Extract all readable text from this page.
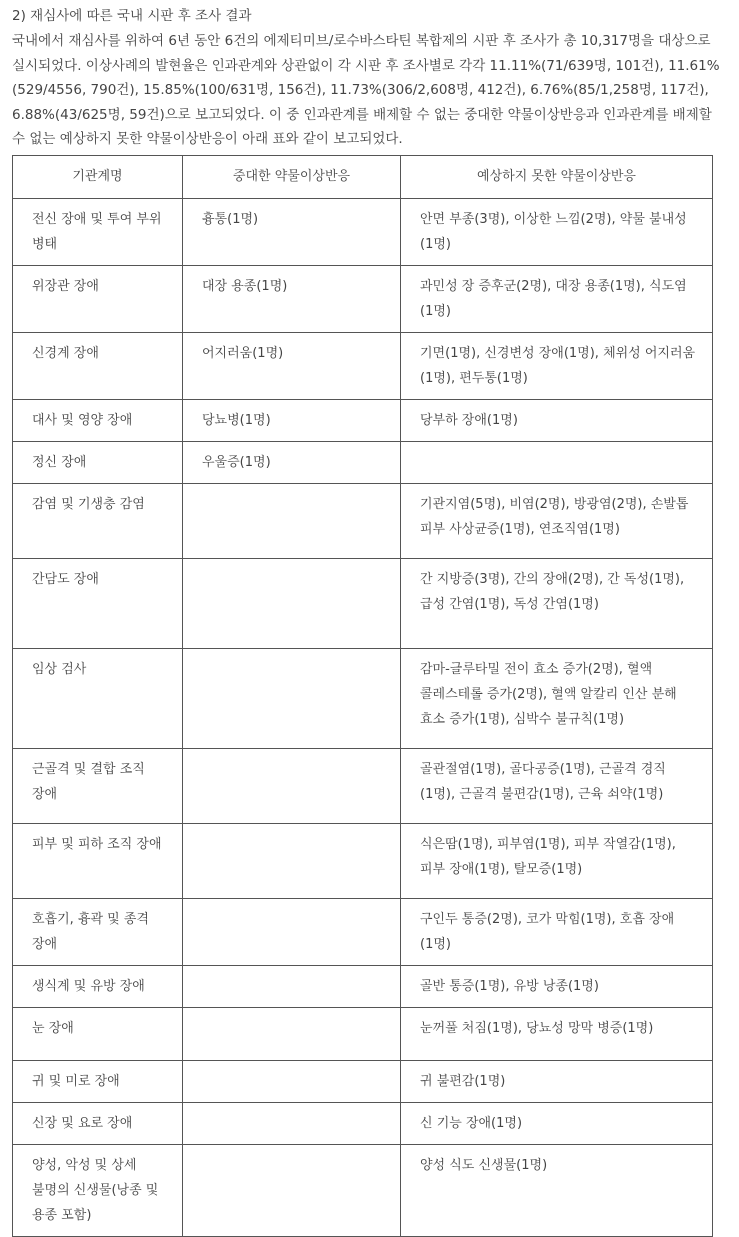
2) 재심사에 따른 국내 시판 후 조사 결과
국내에서 재심사를 위하여 6년 동안 6건의 에제티미브/로수바스타틴 복합제의 시판 후 조사가 총 10,317명을 대상으로 실시되었다. 이상사례의 발현율은 인과관계와 상관없이 각 시판 후 조사별로 각각 11.11%(71/639명, 101건), 11.61%(529/4556, 790건), 15.85%(100/631명, 156건), 11.73%(306/2,608명, 412건), 6.76%(85/1,258명, 117건), 6.88%(43/625명, 59건)으로 보고되었다. 이 중 인과관계를 배제할 수 없는 중대한 약물이상반응과 인과관계를 배제할 수 없는 예상하지 못한 약물이상반응이 아래 표와 같이 보고되었다.
기관계명	중대한 약물이상반응	예상하지 못한 약물이상반응
전신 장애 및 투여 부위 병태	흉통(1명)	안면 부종(3명), 이상한 느낌(2명), 약물 불내성(1명)
위장관 장애	대장 용종(1명)	과민성 장 증후군(2명), 대장 용종(1명), 식도염(1명)
신경계 장애	어지러움(1명)	기면(1명), 신경변성 장애(1명), 체위성 어지러움(1명), 편두통(1명)
대사 및 영양 장애	당뇨병(1명)	당부하 장애(1명)
정신 장애	우울증(1명)	
감염 및 기생충 감염		기관지염(5명), 비염(2명), 방광염(2명), 손발톱 피부 사상균증(1명), 연조직염(1명)
간담도 장애		간 지방증(3명), 간의 장애(2명), 간 독성(1명), 급성 간염(1명), 독성 간염(1명)
임상 검사		감마-글루타밀 전이 효소 증가(2명), 혈액 콜레스테롤 증가(2명), 혈액 알칼리 인산 분해 효소 증가(1명), 심박수 불규칙(1명)
근골격 및 결합 조직 장애		골관절염(1명), 골다공증(1명), 근골격 경직(1명), 근골격 불편감(1명), 근육 쇠약(1명)
피부 및 피하 조직 장애		식은땀(1명), 피부염(1명), 피부 작열감(1명), 피부 장애(1명), 탈모증(1명)
호흡기, 흉곽 및 종격 장애		구인두 통증(2명), 코가 막힘(1명), 호흡 장애(1명)
생식계 및 유방 장애		골반 통증(1명), 유방 낭종(1명)
눈 장애		눈꺼풀 처짐(1명), 당뇨성 망막 병증(1명)
귀 및 미로 장애		귀 불편감(1명)
신장 및 요로 장애		신 기능 장애(1명)
양성, 악성 및 상세 불명의 신생물(낭종 및 용종 포함)		양성 식도 신생물(1명)
